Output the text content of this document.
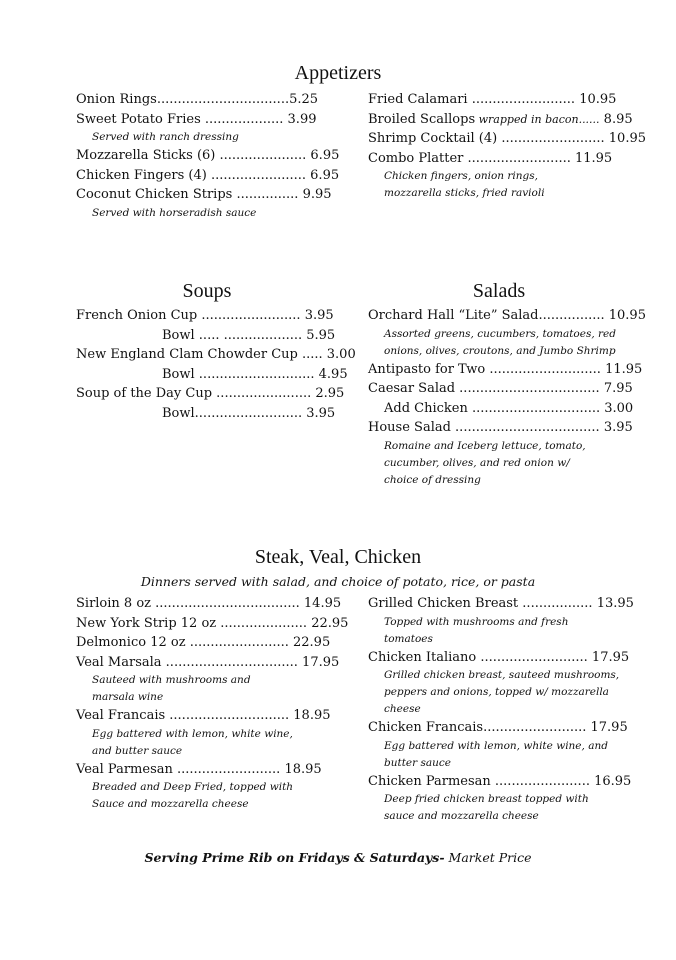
Appetizers
Onion Rings................................5.25
Sweet Potato Fries ................... 3.99
Served with ranch dressing
Mozzarella Sticks (6) ..................... 6.95
Chicken Fingers (4) ....................... 6.95
Coconut Chicken Strips ............... 9.95
Served with horseradish sauce
Fried Calamari ......................... 10.95
Broiled Scallops wrapped in bacon...... 8.95
Shrimp Cocktail (4) ......................... 10.95
Combo Platter ......................... 11.95
Chicken fingers, onion rings,
mozzarella sticks, fried ravioli
Soups	Salads
French Onion Cup ........................ 3.95
Bowl ..... ................... 5.95
New England Clam Chowder Cup ..... 3.00
Bowl ............................ 4.95
Soup of the Day Cup ....................... 2.95
Bowl.......................... 3.95
Orchard Hall “Lite” Salad................ 10.95
Assorted greens, cucumbers, tomatoes, red
onions, olives, croutons, and Jumbo Shrimp
Antipasto for Two ........................... 11.95
Caesar Salad .................................. 7.95
Add Chicken ............................... 3.00
House Salad ................................... 3.95
Romaine and Iceberg lettuce, tomato,
cucumber, olives, and red onion w/
choice of dressing
Steak, Veal, Chicken
Dinners served with salad, and choice of potato, rice, or pasta
Sirloin 8 oz ................................... 14.95
New York Strip 12 oz ..................... 22.95
Delmonico 12 oz ........................ 22.95
Veal Marsala ................................ 17.95
Sauteed with mushrooms and
marsala wine
Veal Francais ............................. 18.95
Egg battered with lemon, white wine,
and butter sauce
Veal Parmesan ......................... 18.95
Breaded and Deep Fried, topped with
Sauce and mozzarella cheese
Grilled Chicken Breast ................. 13.95
Topped with mushrooms and fresh
tomatoes
Chicken Italiano .......................... 17.95
Grilled chicken breast, sauteed mushrooms,
peppers and onions, topped w/ mozzarella
cheese
Chicken Francais......................... 17.95
Egg battered with lemon, white wine, and
butter sauce
Chicken Parmesan ....................... 16.95
Deep fried chicken breast topped with
sauce and mozzarella cheese
Serving Prime Rib on Fridays & Saturdays- Market Price
